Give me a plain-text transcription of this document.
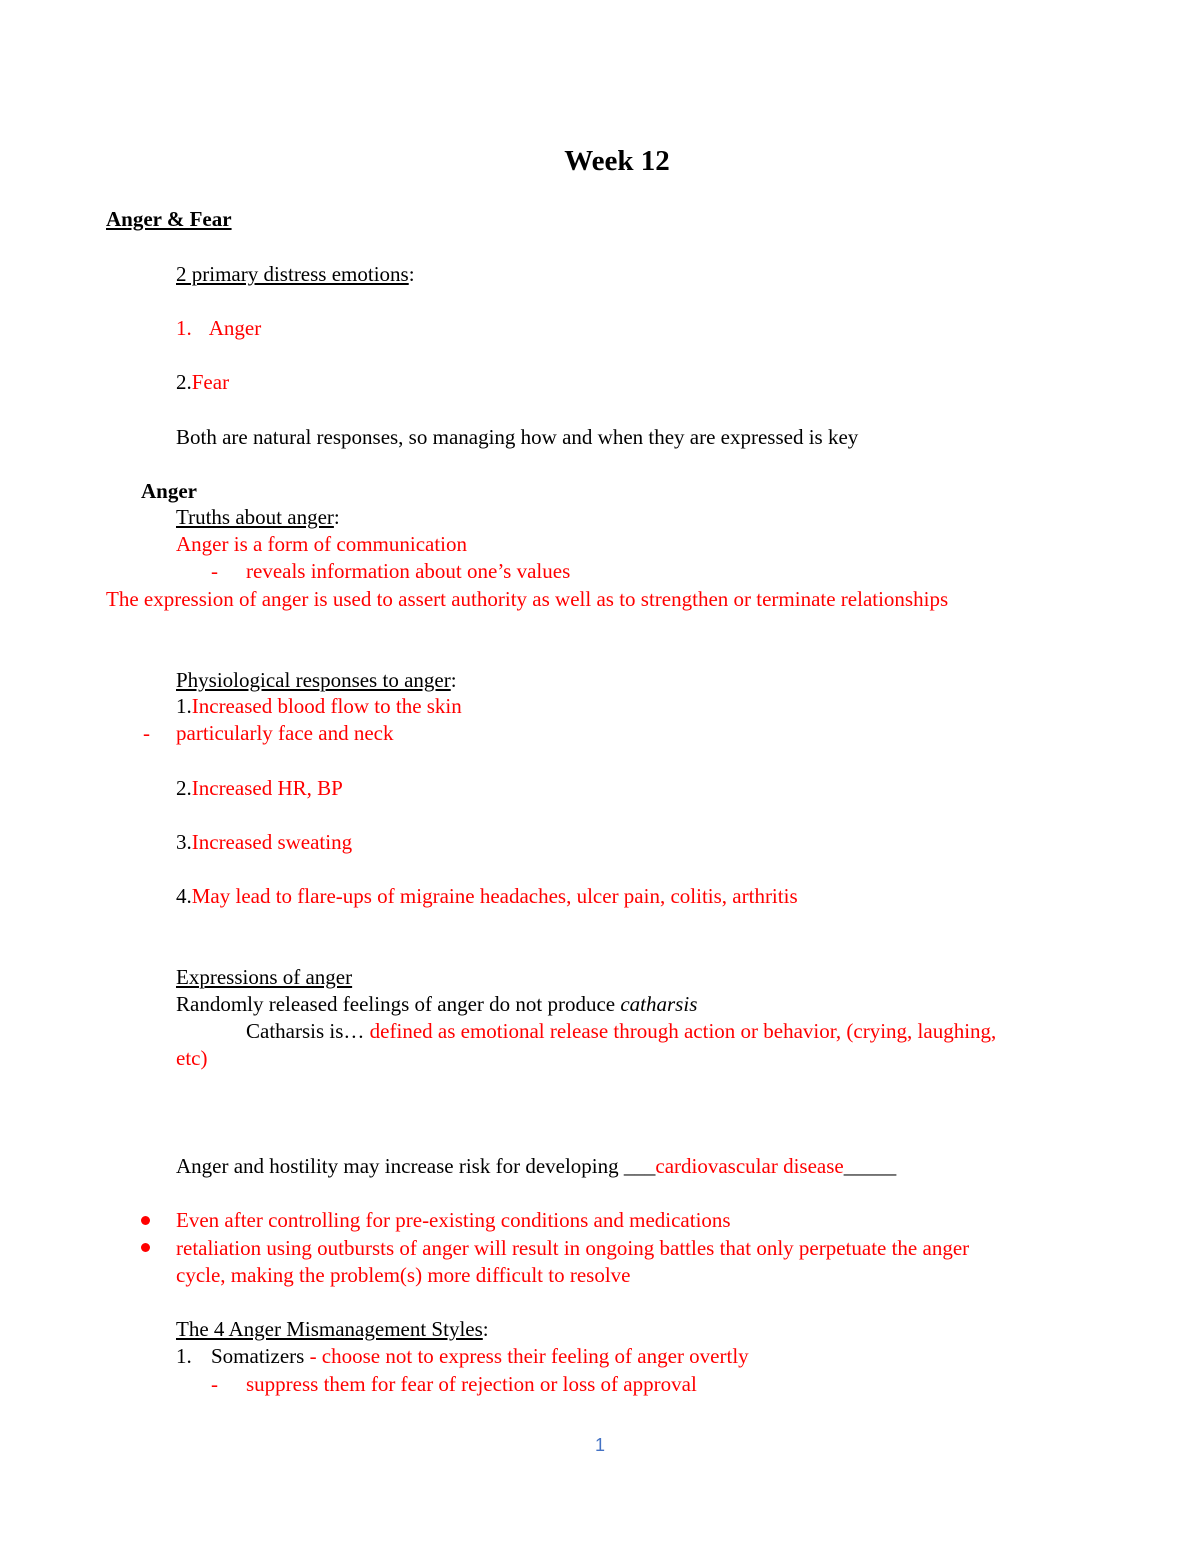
Week 12
Anger & Fear
2 primary distress emotions:
1. Anger
2.Fear
Both are natural responses, so managing how and when they are expressed is key
Anger
Truths about anger:
Anger is a form of communication
- reveals information about one’s values
The expression of anger is used to assert authority as well as to strengthen or terminate relationships
Physiological responses to anger:
1.Increased blood flow to the skin
- particularly face and neck
2.Increased HR, BP
3.Increased sweating
4.May lead to flare-ups of migraine headaches, ulcer pain, colitis, arthritis
Expressions of anger
Randomly released feelings of anger do not produce catharsis
Catharsis is… defined as emotional release through action or behavior, (crying, laughing,
etc)
Anger and hostility may increase risk for developing ___cardiovascular disease_____
Even after controlling for pre-existing conditions and medications
retaliation using outbursts of anger will result in ongoing battles that only perpetuate the anger
cycle, making the problem(s) more difficult to resolve
The 4 Anger Mismanagement Styles:
1. Somatizers - choose not to express their feeling of anger overtly
- suppress them for fear of rejection or loss of approval
1
